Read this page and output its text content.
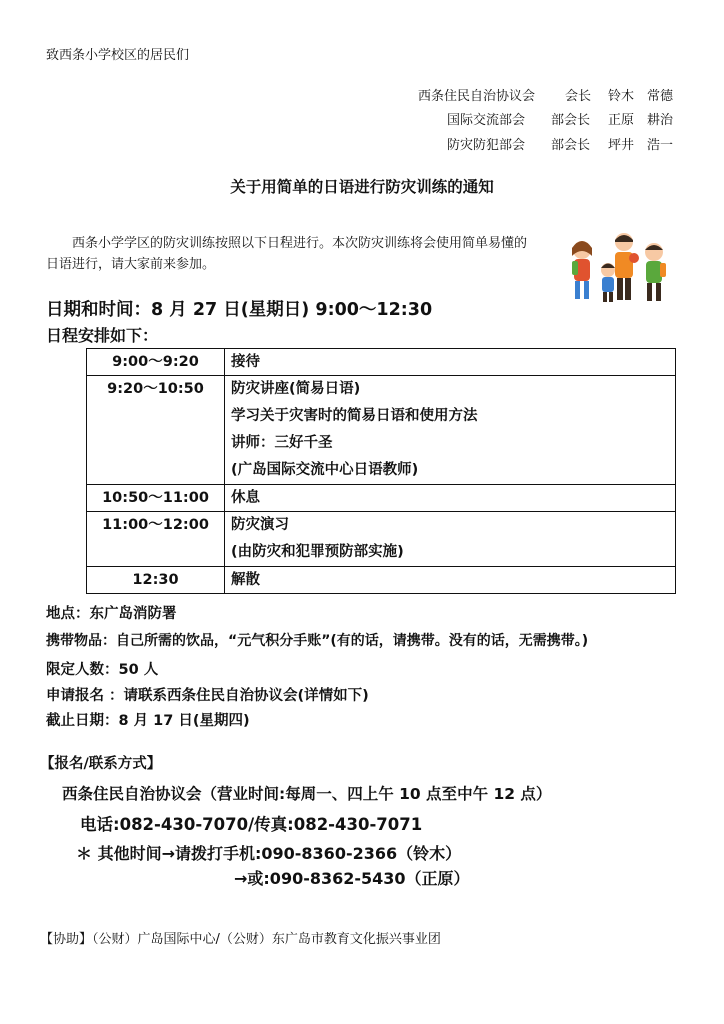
致西条小学校区的居民们
西条住民自治协议会 会长 铃木　常德
国际交流部会 部会长 正原　耕治
防灾防犯部会 部会长 坪井　浩一
关于用简单的日语进行防灾训练的通知
西条小学学区的防灾训练按照以下日程进行。本次防灾训练将会使用简单易懂的日语进行，请大家前来参加。
日期和时间：8 月 27 日(星期日) 9:00～12:30
日程安排如下：
9:00～9:20	接待

9:20～10:50	防灾讲座(简易日语)
学习关于灾害时的简易日语和使用方法
讲师：三好千圣
(广岛国际交流中心日语教师)

10:50～11:00	休息

11:00～12:00	防灾演习
(由防灾和犯罪预防部实施)

12:30	解散
地点：东广岛消防署
携带物品：自己所需的饮品，“元气积分手账”(有的话，请携带。没有的话，无需携带。)
限定人数：50 人
申请报名 ：请联系西条住民自治协议会(详情如下)
截止日期：8 月 17 日(星期四)
【报名/联系方式】
西条住民自治协议会（营业时间:每周一、四上午 10 点至中午 12 点）
电话:082-430-7070/传真:082-430-7071
＊ 其他时间→请拨打手机:090-8360-2366（铃木）
→或:090-8362-5430（正原）
【协助】（公财）广岛国际中心/（公财）东广岛市教育文化振兴事业团
